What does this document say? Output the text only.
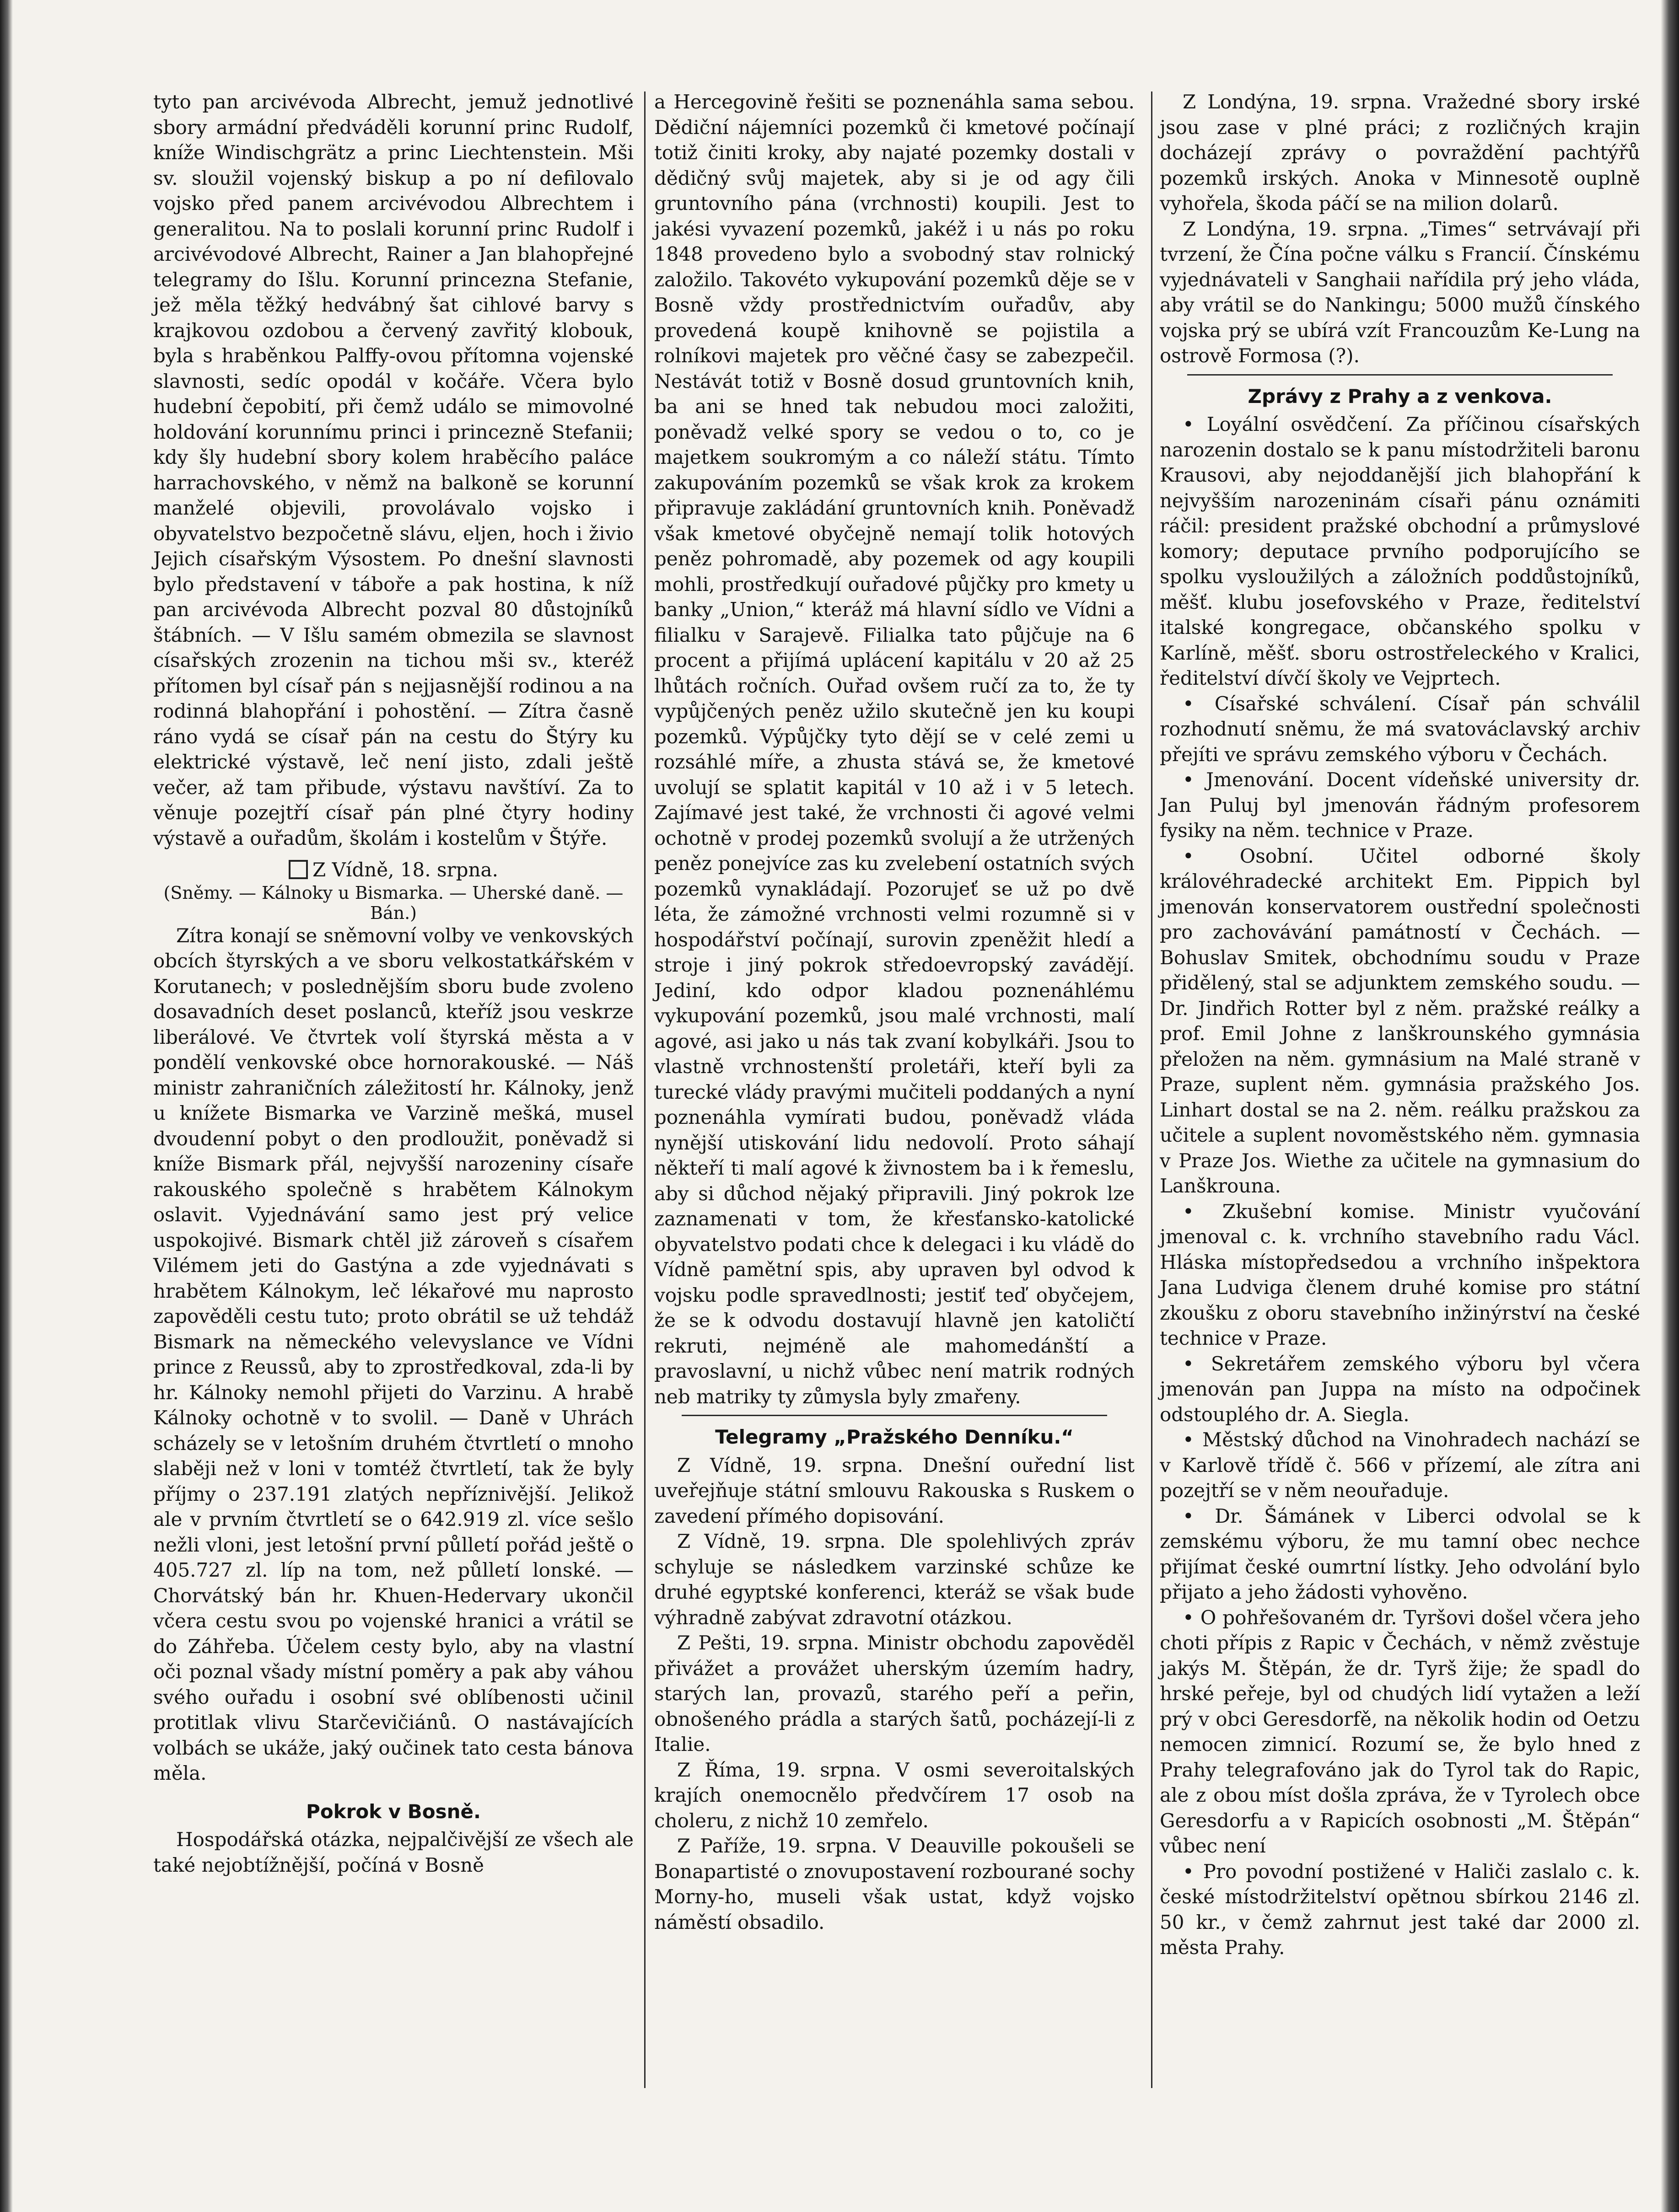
tyto pan arcivévoda Albrecht, jemuž jednotlivé sbory armádní předváděli korunní princ Rudolf, kníže Windischgrätz a princ Liechtenstein. Mši sv. sloužil vojenský biskup a po ní defilovalo vojsko před panem arcivévodou Albrechtem i generalitou. Na to poslali korunní princ Rudolf i arcivévodové Albrecht, Rainer a Jan blahopřejné telegramy do Išlu. Korunní princezna Stefanie, jež měla těžký hedvábný šat cihlové barvy s krajkovou ozdobou a červený zavřitý klobouk, byla s hraběnkou Palffy-ovou přítomna vojenské slavnosti, sedíc opodál v kočáře. Včera bylo hudební čepobití, při čemž událo se mimovolné holdování korunnímu princi i princezně Stefanii; kdy šly hudební sbory kolem hraběcího paláce harrachovského, v němž na balkoně se korunní manželé objevili, provolávalo vojsko i obyvatelstvo bezpočetně slávu, eljen, hoch i živio Jejich císařským Výsostem. Po dnešní slavnosti bylo představení v táboře a pak hostina, k níž pan arcivévoda Albrecht pozval 80 důstojníků štábních. — V Išlu samém obmezila se slavnost císařských zrozenin na tichou mši sv., kteréž přítomen byl císař pán s nejjasnější rodinou a na rodinná blahopřání i pohostění. — Zítra časně ráno vydá se císař pán na cestu do Štýry ku elektrické výstavě, leč není jisto, zdali ještě večer, až tam přibude, výstavu navštíví. Za to věnuje pozejtří císař pán plné čtyry hodiny výstavě a ouřadům, školám i kostelům v Štýře.

Z Vídně, 18. srpna.

(Sněmy. — Kálnoky u Bismarka. — Uherské daně. — Bán.)

Zítra konají se sněmovní volby ve venkovských obcích štyrských a ve sboru velkostatkářském v Korutanech; v poslednějším sboru bude zvoleno dosavadních deset poslanců, kteříž jsou veskrze liberálové. Ve čtvrtek volí štyrská města a v pondělí venkovské obce hornorakouské. — Náš ministr zahraničních záležitostí hr. Kálnoky, jenž u knížete Bismarka ve Varzině mešká, musel dvoudenní pobyt o den prodloužit, poněvadž si kníže Bismark přál, nejvyšší narozeniny císaře rakouského společně s hrabětem Kálnokym oslavit. Vyjednávání samo jest prý velice uspokojivé. Bismark chtěl již zároveň s císařem Vilémem jeti do Gastýna a zde vyjednávati s hrabětem Kálnokym, leč lékařové mu naprosto zapověděli cestu tuto; proto obrátil se už tehdáž Bismark na německého velevyslance ve Vídni prince z Reussů, aby to zprostředkoval, zda-li by hr. Kálnoky nemohl přijeti do Varzinu. A hrabě Kálnoky ochotně v to svolil. — Daně v Uhrách scházely se v letošním druhém čtvrtletí o mnoho slaběji než v loni v tomtéž čtvrtletí, tak že byly příjmy o 237.191 zlatých nepříznivější. Jelikož ale v prvním čtvrtletí se o 642.919 zl. více sešlo nežli vloni, jest letošní první půlletí pořád ještě o 405.727 zl. líp na tom, než půlletí lonské. — Chorvátský bán hr. Khuen-Hedervary ukončil včera cestu svou po vojenské hranici a vrátil se do Záhřeba. Účelem cesty bylo, aby na vlastní oči poznal všady místní poměry a pak aby váhou svého ouřadu i osobní své oblíbenosti učinil protitlak vlivu Starčevičiánů. O nastávajících volbách se ukáže, jaký oučinek tato cesta bánova měla.

Pokrok v Bosně.

Hospodářská otázka, nejpalčivější ze všech ale také nejobtížnější, počíná v Bosně

a Hercegovině řešiti se poznenáhla sama sebou. Dědiční nájemníci pozemků či kmetové počínají totiž činiti kroky, aby najaté pozemky dostali v dědičný svůj majetek, aby si je od agy čili gruntovního pána (vrchnosti) koupili. Jest to jakési vyvazení pozemků, jakéž i u nás po roku 1848 provedeno bylo a svobodný stav rolnický založilo. Takovéto vykupování pozemků děje se v Bosně vždy prostřednictvím ouřadův, aby provedená koupě knihovně se pojistila a rolníkovi majetek pro věčné časy se zabezpečil. Nestávát totiž v Bosně dosud gruntovních knih, ba ani se hned tak nebudou moci založiti, poněvadž velké spory se vedou o to, co je majetkem soukromým a co náleží státu. Tímto zakupováním pozemků se však krok za krokem připravuje zakládání gruntovních knih. Poněvadž však kmetové obyčejně nemají tolik hotových peněz pohromadě, aby pozemek od agy koupili mohli, prostředkují ouřadové půjčky pro kmety u banky „Union,“ kteráž má hlavní sídlo ve Vídni a filialku v Sarajevě. Filialka tato půjčuje na 6 procent a přijímá uplácení kapitálu v 20 až 25 lhůtách ročních. Ouřad ovšem ručí za to, že ty vypůjčených peněz užilo skutečně jen ku koupi pozemků. Výpůjčky tyto dějí se v celé zemi u rozsáhlé míře, a zhusta stává se, že kmetové uvolují se splatit kapitál v 10 až i v 5 letech. Zajímavé jest také, že vrchnosti či agové velmi ochotně v prodej pozemků svolují a že utržených peněz ponejvíce zas ku zvelebení ostatních svých pozemků vynakládají. Pozorujeť se už po dvě léta, že zámožné vrchnosti velmi rozumně si v hospodářství počínají, surovin zpeněžit hledí a stroje i jiný pokrok středoevropský zavádějí. Jediní, kdo odpor kladou poznenáhlému vykupování pozemků, jsou malé vrchnosti, malí agové, asi jako u nás tak zvaní kobylkáři. Jsou to vlastně vrchnostenští proletáři, kteří byli za turecké vlády pravými mučiteli poddaných a nyní poznenáhla vymírati budou, poněvadž vláda nynější utiskování lidu nedovolí. Proto sáhají někteří ti malí agové k živnostem ba i k řemeslu, aby si důchod nějaký připravili. Jiný pokrok lze zaznamenati v tom, že křesťansko-katolické obyvatelstvo podati chce k delegaci i ku vládě do Vídně pamětní spis, aby upraven byl odvod k vojsku podle spravedlnosti; jestiť teď obyčejem, že se k odvodu dostavují hlavně jen katoličtí rekruti, nejméně ale mahomedánští a pravoslavní, u nichž vůbec není matrik rodných neb matriky ty zůmysla byly zmařeny.

Telegramy „Pražského Denníku.“

Z Vídně, 19. srpna. Dnešní ouřední list uveřejňuje státní smlouvu Rakouska s Ruskem o zavedení přímého dopisování.

Z Vídně, 19. srpna. Dle spolehlivých zpráv schyluje se následkem varzinské schůze ke druhé egyptské konferenci, kteráž se však bude výhradně zabývat zdravotní otázkou.

Z Pešti, 19. srpna. Ministr obchodu zapověděl přivážet a provážet uherským územím hadry, starých lan, provazů, starého peří a peřin, obnošeného prádla a starých šatů, pocházejí-li z Italie.

Z Říma, 19. srpna. V osmi severoitalských krajích onemocnělo předvčírem 17 osob na choleru, z nichž 10 zemřelo.

Z Paříže, 19. srpna. V Deauville pokoušeli se Bonapartisté o znovupostavení rozbourané sochy Morny-ho, museli však ustat, když vojsko náměstí obsadilo.

Z Londýna, 19. srpna. Vražedné sbory irské jsou zase v plné práci; z rozličných krajin docházejí zprávy o povraždění pachtýřů pozemků irských. Anoka v Minnesotě ouplně vyhořela, škoda páčí se na milion dolarů.

Z Londýna, 19. srpna. „Times“ setrvávají při tvrzení, že Čína počne válku s Francií. Čínskému vyjednávateli v Sanghaii nařídila prý jeho vláda, aby vrátil se do Nankingu; 5000 mužů čínského vojska prý se ubírá vzít Francouzům Ke-Lung na ostrově Formosa (?).

Zprávy z Prahy a z venkova.

• Loyální osvědčení. Za příčinou císařských narozenin dostalo se k panu místodržiteli baronu Krausovi, aby nejoddanější jich blahopřání k nejvyšším narozeninám císaři pánu oznámiti ráčil: president pražské obchodní a průmyslové komory; deputace prvního podporujícího se spolku vysloužilých a záložních poddůstojníků, měšť. klubu josefovského v Praze, ředitelství italské kongregace, občanského spolku v Karlíně, měšť. sboru ostrostřeleckého v Kralici, ředitelství dívčí školy ve Vejprtech.

• Císařské schválení. Císař pán schválil rozhodnutí sněmu, že má svatováclavský archiv přejíti ve správu zemského výboru v Čechách.

• Jmenování. Docent vídeňské university dr. Jan Puluj byl jmenován řádným profesorem fysiky na něm. technice v Praze.

• Osobní. Učitel odborné školy královéhradecké architekt Em. Pippich byl jmenován konservatorem oustřední společnosti pro zachovávání památností v Čechách. — Bohuslav Smitek, obchodnímu soudu v Praze přidělený, stal se adjunktem zemského soudu. — Dr. Jindřich Rotter byl z něm. pražské reálky a prof. Emil Johne z lanškrounského gymnásia přeložen na něm. gymnásium na Malé straně v Praze, suplent něm. gymnásia pražského Jos. Linhart dostal se na 2. něm. reálku pražskou za učitele a suplent novoměstského něm. gymnasia v Praze Jos. Wiethe za učitele na gymnasium do Lanškrouna.

• Zkušební komise. Ministr vyučování jmenoval c. k. vrchního stavebního radu Václ. Hláska místopředsedou a vrchního inšpektora Jana Ludviga členem druhé komise pro státní zkoušku z oboru stavebního inžinýrství na české technice v Praze.

• Sekretářem zemského výboru byl včera jmenován pan Juppa na místo na odpočinek odstouplého dr. A. Siegla.

• Městský důchod na Vinohradech nachází se v Karlově třídě č. 566 v přízemí, ale zítra ani pozejtří se v něm neouřaduje.

• Dr. Šámánek v Liberci odvolal se k zemskému výboru, že mu tamní obec nechce přijímat české oumrtní lístky. Jeho odvolání bylo přijato a jeho žádosti vyhověno.

• O pohřešovaném dr. Tyršovi došel včera jeho choti přípis z Rapic v Čechách, v němž zvěstuje jakýs M. Štěpán, že dr. Tyrš žije; že spadl do hrské peřeje, byl od chudých lidí vytažen a leží prý v obci Geresdorfě, na několik hodin od Oetzu nemocen zimnicí. Rozumí se, že bylo hned z Prahy telegrafováno jak do Tyrol tak do Rapic, ale z obou míst došla zpráva, že v Tyrolech obce Geresdorfu a v Rapicích osobnosti „M. Štěpán“ vůbec není

• Pro povodní postižené v Haliči zaslalo c. k. české místodržitelství opětnou sbírkou 2146 zl. 50 kr., v čemž zahrnut jest také dar 2000 zl. města Prahy.
